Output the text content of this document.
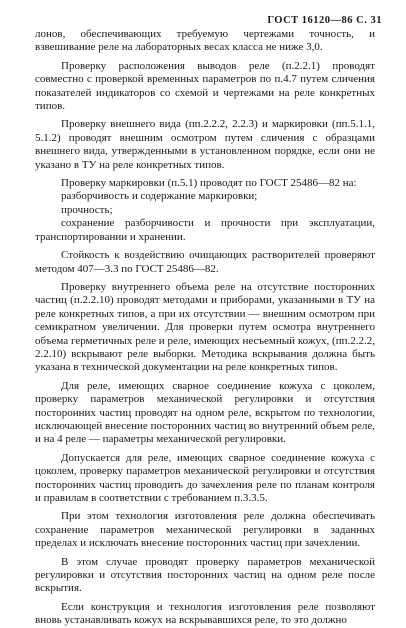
ГОСТ 16120—86 С. 31

лонов, обеспечивающих требуемую чертежами точность, и взвешивание реле на лабораторных весах класса не ниже 3,0.

Проверку расположения выводов реле (п.2.2.1) проводят совместно с проверкой временных параметров по п.4.7 путем сличения показателей индикаторов со схемой и чертежами на реле конкретных типов.

Проверку внешнего вида (пп.2.2.2, 2.2.3) и маркировки (пп.5.1.1, 5.1.2) проводят внешним осмотром путем сличения с образцами внешнего вида, утвержденными в установленном порядке, если они не указано в ТУ на реле конкретных типов.

Проверку маркировки (п.5.1) проводят по ГОСТ 25486—82 на:

разборчивость и содержание маркировки;

прочность;

сохранение разборчивости и прочности при эксплуатации, транспортировании и хранении.

Стойкость к воздействию очищающих растворителей проверяют методом 407—3.3 по ГОСТ 25486—82.

Проверку внутреннего объема реле на отсутствие посторонних частиц (п.2.2.10) проводят методами и приборами, указанными в ТУ на реле конкретных типов, а при их отсутствии — внешним осмотром при семикратном увеличении. Для проверки путем осмотра внутреннего объема герметичных реле и реле, имеющих несъемный кожух, (пп.2.2.2, 2.2.10) вскрывают реле выборки. Методика вскрывания должна быть указана в технической документации на реле конкретных типов.

Для реле, имеющих сварное соединение кожуха с цоколем, проверку параметров механической регулировки и отсутствия посторонних частиц проводят на одном реле, вскрытом по технологии, исключающей внесение посторонних частиц во внутренний объем реле, и на 4 реле — параметры механической регулировки.

Допускается для реле, имеющих сварное соединение кожуха с цоколем, проверку параметров механической регулировки и отсутствия посторонних частиц проводить до зачехления реле по планам контроля и правилам в соответствии с требованием п.3.3.5.

При этом технология изготовления реле должна обеспечивать сохранение параметров механической регулировки в заданных пределах и исключать внесение посторонних частиц при зачехлении.

В этом случае проводят проверку параметров механической регулировки и отсутствия посторонних частиц на одном реле после вскрытия.

Если конструкция и технология изготовления реле позволяют вновь устанавливать кожух на вскрывавшихся реле, то это должно
